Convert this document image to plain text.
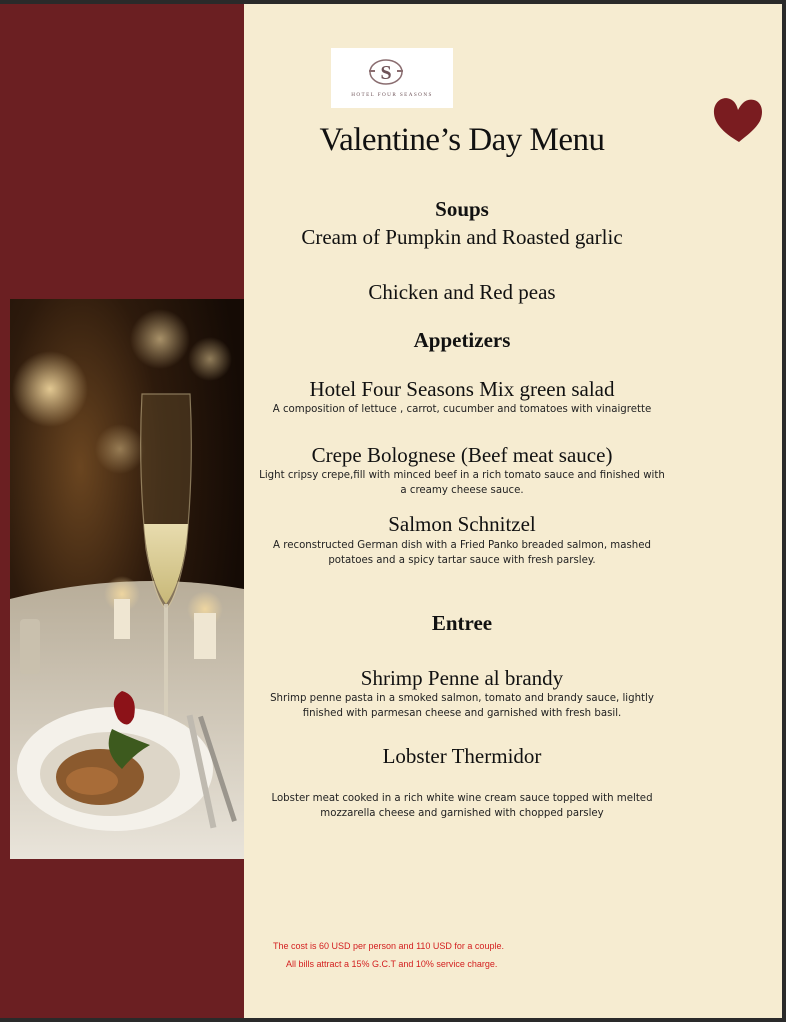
S
HOTEL FOUR SEASONS
Valentine’s Day Menu
Soups
Cream of Pumpkin and Roasted garlic
Chicken and Red peas
Appetizers
Hotel Four Seasons Mix green salad
A composition of lettuce , carrot, cucumber and tomatoes with vinaigrette
Crepe Bolognese (Beef meat sauce)
Light cripsy crepe,fill with minced beef in a rich tomato sauce and finished with a creamy cheese sauce.
Salmon Schnitzel
A reconstructed German dish with a Fried Panko breaded salmon, mashed potatoes and a spicy tartar sauce with fresh parsley.
Entree
Shrimp Penne al brandy
Shrimp penne pasta in a smoked salmon, tomato and brandy sauce, lightly finished with parmesan cheese and garnished with fresh basil.
Lobster Thermidor
Lobster meat cooked in a rich white wine cream sauce topped with melted mozzarella cheese and garnished with chopped parsley
The cost is 60 USD per person and 110 USD for a couple.
All bills attract a 15% G.C.T and 10% service charge.
